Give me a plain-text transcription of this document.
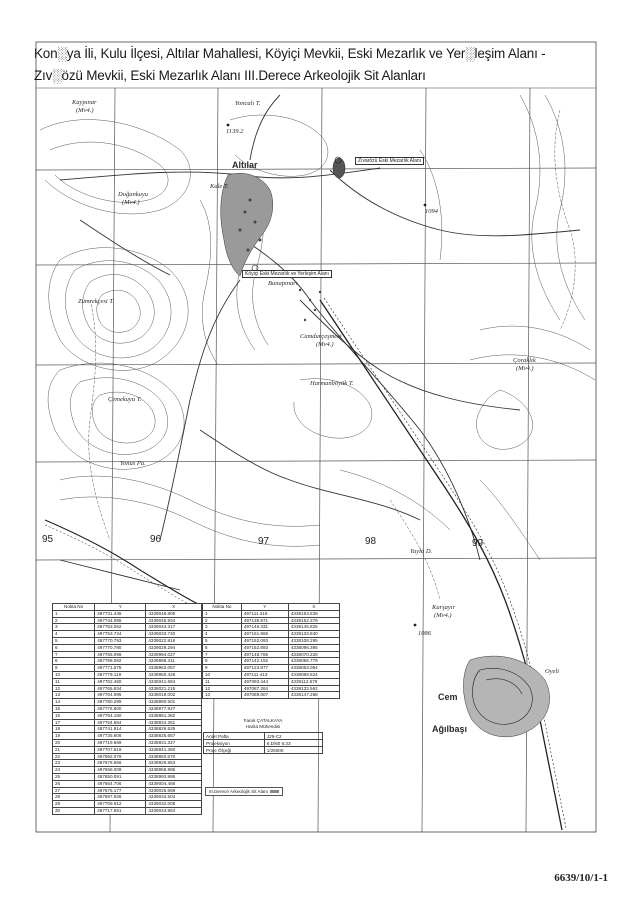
Kon░ya İli, Kulu İlçesi, Altılar Mahallesi, Köyiçi Mevkii, Eski Mezarlık ve Yer░leşim Alanı -
Zıv░özü Mevkii, Eski Mezarlık Alanı III.Derece Arkeolojik Sit Alanları
Kaypınar
(Mv4.)
Yoncalı T.
1139.2
Altılar
Kale T.
Doğankuyu
(Mv4.)
Zıvarözü Eski Mezarlık Alanı
Köyiçi Eski Mezarlık ve Yerleşim Alanı
Bunapınarı
1094
Zümrekçesi T.
Camdurçeşmesi
(Mv4.)
Çoraklık
(Mv4.)
Harmanböyük T.
Çemekuyu T.
Yonus Pa.
Yayla D.
Kurşayır
(Mv4.)
1086
Oyeli
Cem
Ağılbaşı
95	96	97	98	99
Nokta No	Y	X
1	497731.445	4339046.805
2	497744.095	4339045.934
3	497753.062	4339043.317
4	497753.724	4339033.720
5	497770.793	4339022.816
6	497770.780	4339029.294
7	497765.096	4339994.027
8	497768.092	4339995.311
9	497771.575	4338963.057
10	497779.119	4338950.428
11	497762.460	4338041.684
12	497765.934	4338021.215
13	497764.995	4338019.002
14	497780.299	4338890.501
15	497776.600	4338877.927
16	497764.160	4338851.382
17	497754.664	4338834.351
18	497741.914	4338826.529
19	497735.806	4338825.657
20	497719.669	4338831.327
21	497707.619	4338841.360
22	497692.079	4338850.670
23	497676.666	4338926.853
24	497658.009	4338958.995
25	497650.091	4338993.995
26	497664.706	4339004.456
27	497675.177	4339025.669
28	497697.826	4339034.503
29	497709.912	4339032.008
30	497717.651	4339043.964
Nokta No	Y	X
1	497111.318	4338153.539
2	497135.971	4338152.378
3	497146.331	4338145.825
4	497151.966	4338133.840
5	497152.093	4338108.295
6	497152.893	4338096.395
7	497148.785	4338070.228
8	497142.152	4338056.779
9	497123.977	4338053.054
10	497111.413	4338069.524
11	497093.444	4338112.579
12	497087.264	4338133.562
13	497089.807	4338147.288
Faruk ÇATALKAYA
Harita Mühendisi
Antet Pafta	J29-C2
Projeksiyon	6.D/60 6:33
Proje Ölçeği	1/25000
III.Derece Arkeolojik Sit Alanı
6639/10/1-1
